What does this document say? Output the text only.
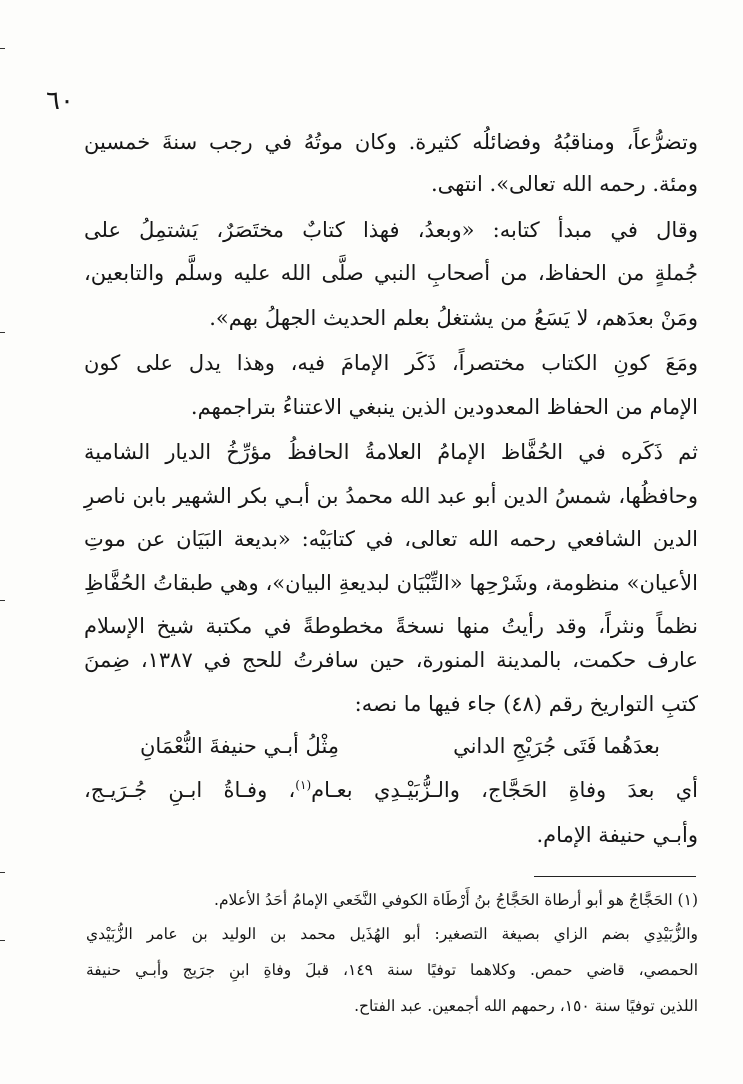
٦٠
وتضرُّعاً، ومناقبُهُ وفضائلُه كثيرة. وكان موتُهُ في رجب سنةَ خمسين
ومئة. رحمه الله تعالى». انتهى.
وقال في مبدأ كتابه: «وبعدُ، فهذا كتابٌ مختَصَرٌ، يَشتمِلُ على
جُملةٍ من الحفاظ، من أصحابِ النبي صلَّى الله عليه وسلَّم والتابعين،
ومَنْ بعدَهم، لا يَسَعُ من يشتغلُ بعلم الحديث الجهلُ بهم».
ومَعَ كونِ الكتاب مختصراً، ذَكَر الإمامَ فيه، وهذا يدل على كون
الإمام من الحفاظ المعدودين الذين ينبغي الاعتناءُ بتراجمهم.
ثم ذَكَره في الحُفَّاظ الإمامُ العلامةُ الحافظُ مؤرِّخُ الديار الشامية
وحافظُها، شمسُ الدين أبو عبد الله محمدُ بن أبـي بكر الشهير بابن ناصرِ
الدين الشافعي رحمه الله تعالى، في كتابَيْه: «بديعة البَيَان عن موتِ
الأعيان» منظومة، وشَرْحِها «التِّبْيَان لبديعةِ البيان»، وهي طبقاتُ الحُفَّاظِ
نظماً ونثراً، وقد رأيتُ منها نسخةً مخطوطةً في مكتبة شيخ الإسلام
عارف حكمت، بالمدينة المنورة، حين سافرتُ للحج في ١٣٨٧، ضِمنَ
كتبِ التواريخ رقم (٤٨) جاء فيها ما نصه:
بعدَهُما فَتَى جُرَيْجِ الداني
مِثْلُ أبـي حنيفةَ النُّعْمَانِ
أي بعدَ وفاةِ الحَجَّاج، والـزُّبَيْـدِي بعـام$^{(١)}$، وفـاةُ ابـنِ جُـرَيـج،
وأبـي حنيفة الإمام.
(١) الحَجَّاجُ هو أبو أرطاة الحَجَّاجُ بنُ أَرْطَاة الكوفي النَّخَعي الإمامُ أحَدُ الأعلام.
والزُّبَيْدِي بضم الزاي بصيغة التصغير: أبو الهُذَيل محمد بن الوليد بن عامر الزُّبَيْدي
الحمصي، قاضي حمص. وكلاهما توفيًا سنة ١٤٩، قبلَ وفاةِ ابنِ جرَيج وأبـي حنيفة
اللذين توفيًا سنة ١٥٠، رحمهم الله أجمعين. عبد الفتاح.
